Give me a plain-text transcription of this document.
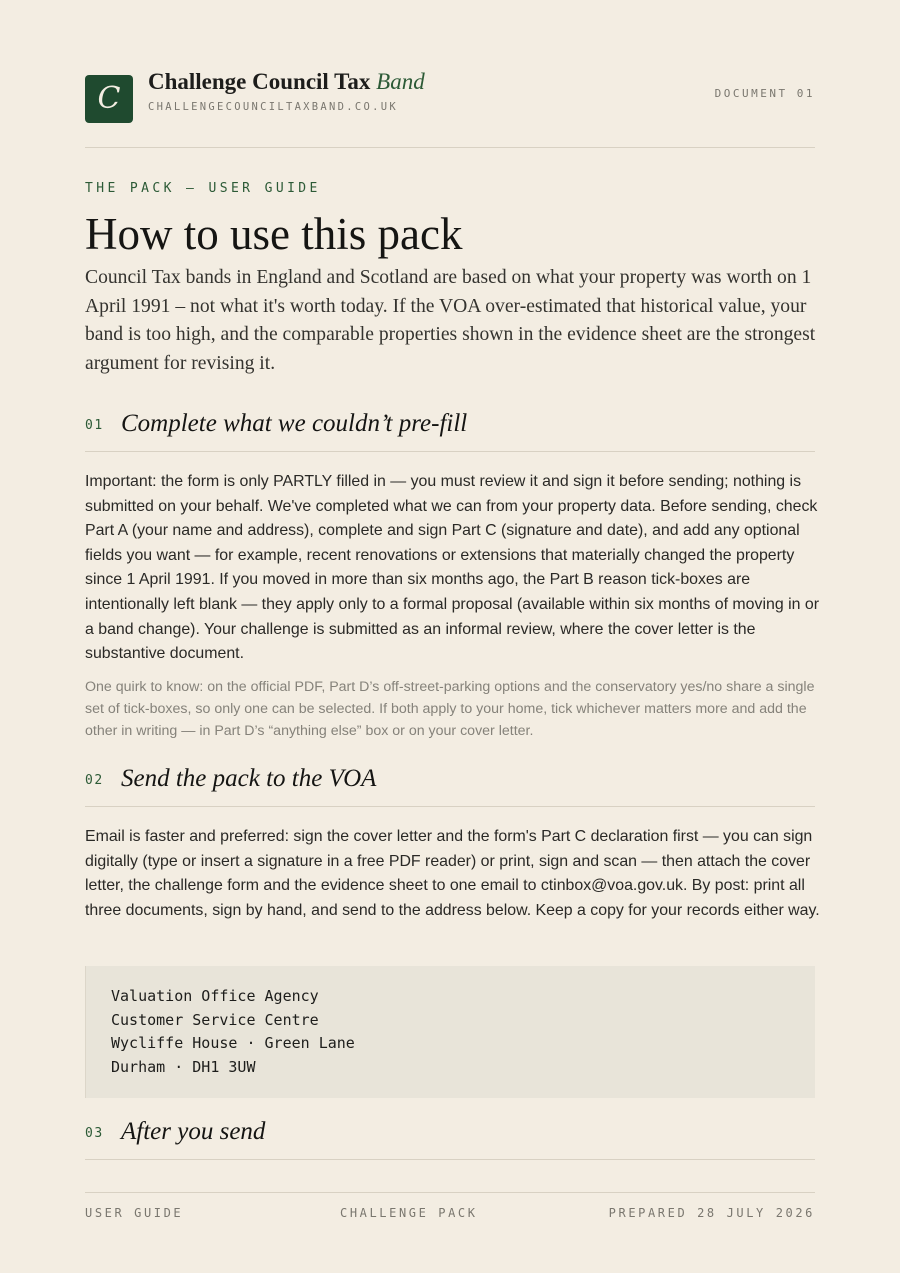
C Challenge Council Tax Band
CHALLENGECOUNCILTAXBAND.CO.UK
DOCUMENT 01
THE PACK — USER GUIDE
How to use this pack
Council Tax bands in England and Scotland are based on what your property was worth on 1 April 1991 – not what it's worth today. If the VOA over-estimated that historical value, your band is too high, and the comparable properties shown in the evidence sheet are the strongest argument for revising it.
01 Complete what we couldn’t pre-fill
Important: the form is only PARTLY filled in — you must review it and sign it before sending; nothing is submitted on your behalf. We've completed what we can from your property data. Before sending, check Part A (your name and address), complete and sign Part C (signature and date), and add any optional fields you want — for example, recent renovations or extensions that materially changed the property since 1 April 1991. If you moved in more than six months ago, the Part B reason tick-boxes are intentionally left blank — they apply only to a formal proposal (available within six months of moving in or a band change). Your challenge is submitted as an informal review, where the cover letter is the substantive document.
One quirk to know: on the official PDF, Part D’s off-street-parking options and the conservatory yes/no share a single set of tick-boxes, so only one can be selected. If both apply to your home, tick whichever matters more and add the other in writing — in Part D’s “anything else” box or on your cover letter.
02 Send the pack to the VOA
Email is faster and preferred: sign the cover letter and the form's Part C declaration first — you can sign digitally (type or insert a signature in a free PDF reader) or print, sign and scan — then attach the cover letter, the challenge form and the evidence sheet to one email to ctinbox@voa.gov.uk. By post: print all three documents, sign by hand, and send to the address below. Keep a copy for your records either way.
Valuation Office Agency
Customer Service Centre
Wycliffe House · Green Lane
Durham · DH1 3UW
03 After you send
USER GUIDE	CHALLENGE PACK	PREPARED 28 JULY 2026
